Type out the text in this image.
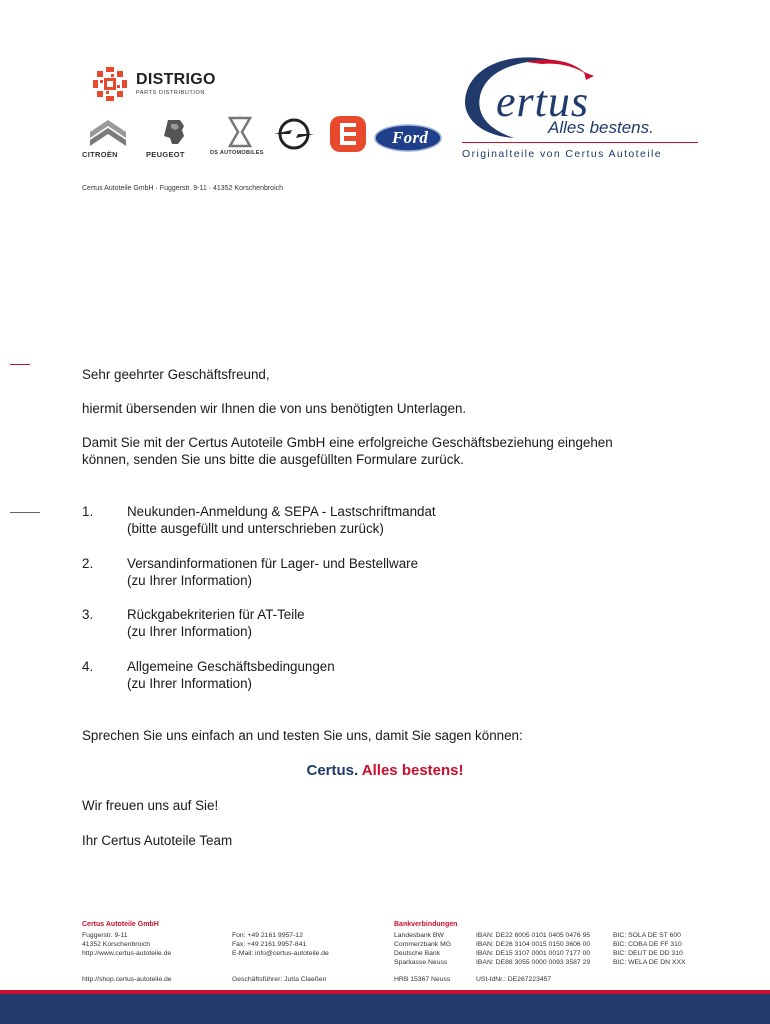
DISTRIGO
PARTS DISTRIBUTION
CITROËN	PEUGEOT	DS AUTOMOBILES
Ford
ertus
Alles bestens.
Originalteile von Certus Autoteile
Certus Autoteile GmbH · Fuggerstr. 9-11 · 41352 Korschenbroich
Sehr geehrter Geschäftsfreund,
hiermit übersenden wir Ihnen die von uns benötigten Unterlagen.
Damit Sie mit der Certus Autoteile GmbH eine erfolgreiche Geschäftsbeziehung eingehen
können, senden Sie uns bitte die ausgefüllten Formulare zurück.
1.	Neukunden-Anmeldung & SEPA - Lastschriftmandat
(bitte ausgefüllt und unterschrieben zurück)
2.	Versandinformationen für Lager- und Bestellware
(zu Ihrer Information)
3.	Rückgabekriterien für AT-Teile
(zu Ihrer Information)
4.	Allgemeine Geschäftsbedingungen
(zu Ihrer Information)
Sprechen Sie uns einfach an und testen Sie uns, damit Sie sagen können:
Certus. Alles bestens!
Wir freuen uns auf Sie!
Ihr Certus Autoteile Team
Certus Autoteile GmbH
Fuggerstr. 9-11
41352 Korschenbroich
http://www.certus-autoteile.de
http://shop.certus-autoteile.de
Fon: +49 2161 9957-12
Fax: +49 2161 9957-841
E-Mail: info@certus-autoteile.de
Geschäftsführer: Jutta Claeßen
Bankverbindungen
Landesbank BW	IBAN: DE22 6005 0101 0405 0476 95	BIC: SOLA DE ST 600
Commerzbank MG	IBAN: DE26 3104 0015 0150 3606 00	BIC: COBA DE FF 310
Deutsche Bank	IBAN: DE15 3107 0001 0010 7177 00	BIC: DEUT DE DD 310
Sparkasse Neuss	IBAN: DE88 3055 0000 0093 3587 29	BIC: WELA DE DN XXX
HRB 15367 Neuss	USt-IdNr.: DE267223457
